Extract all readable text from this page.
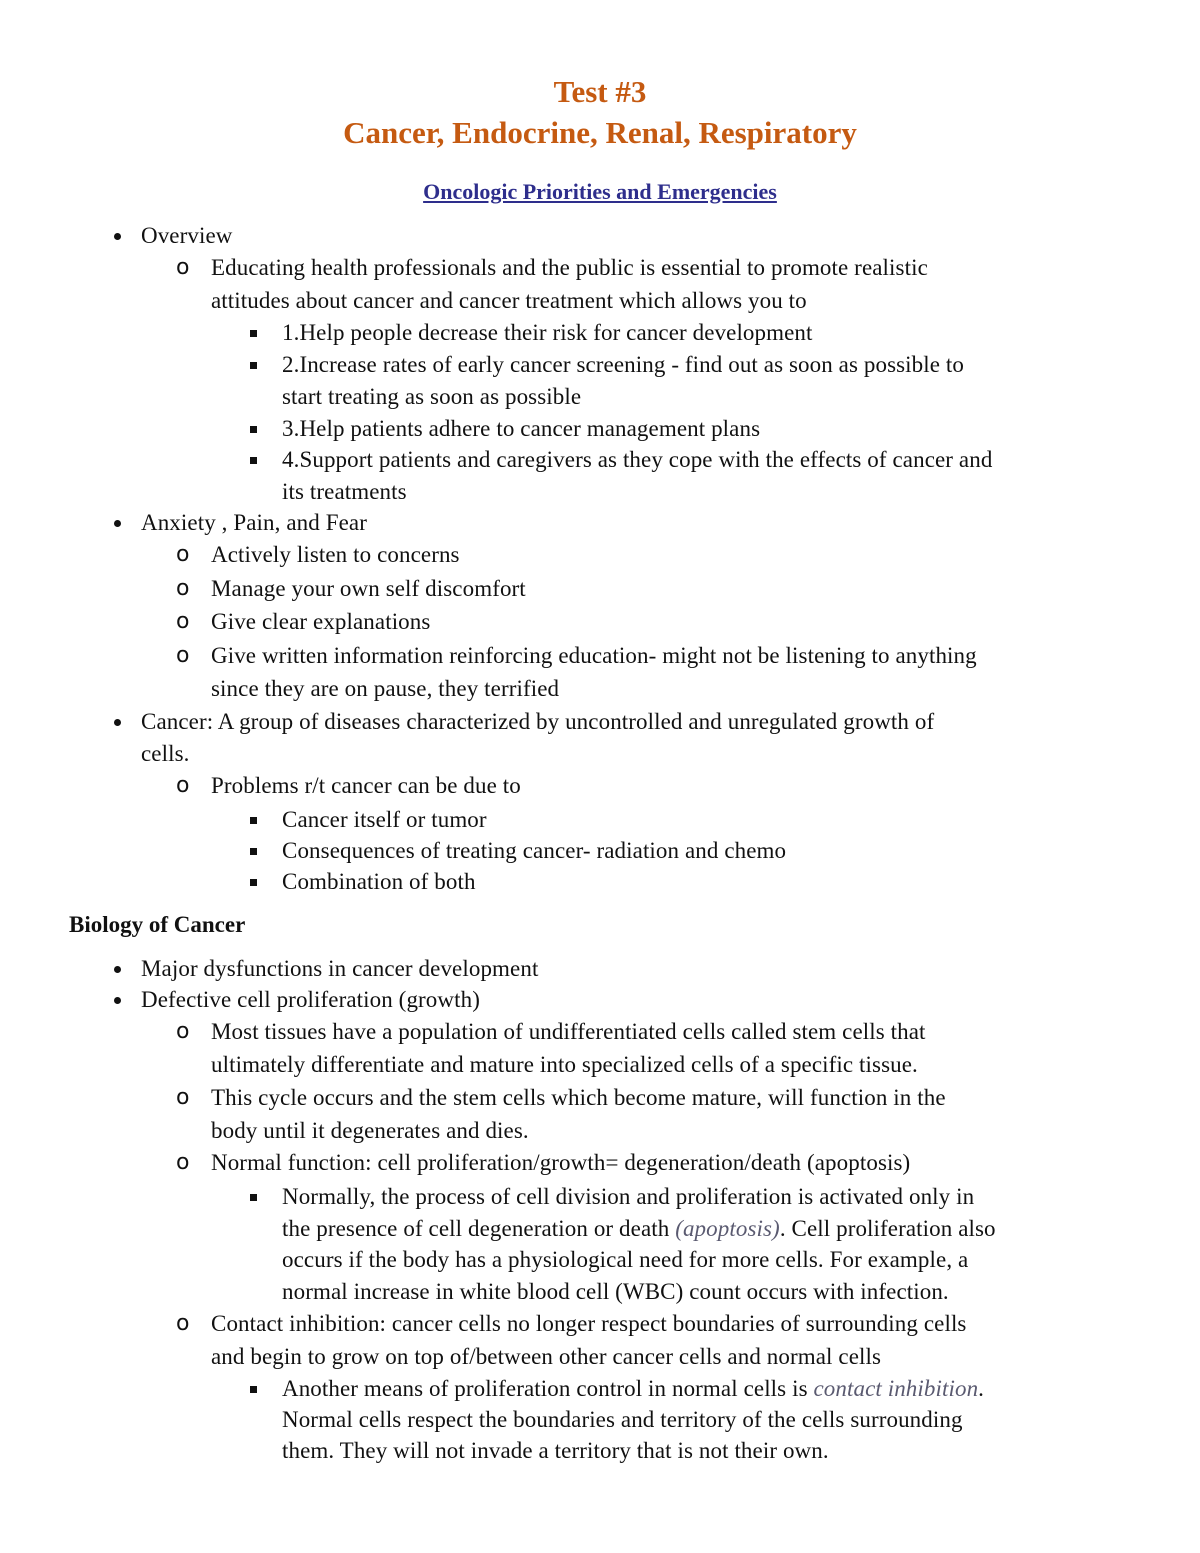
Test #3
Cancer, Endocrine, Renal, Respiratory
Oncologic Priorities and Emergencies
Overview
o Educating health professionals and the public is essential to promote realistic
attitudes about cancer and cancer treatment which allows you to
1.Help people decrease their risk for cancer development
2.Increase rates of early cancer screening - find out as soon as possible to
start treating as soon as possible
3.Help patients adhere to cancer management plans
4.Support patients and caregivers as they cope with the effects of cancer and
its treatments
Anxiety , Pain, and Fear
o Actively listen to concerns
o Manage your own self discomfort
o Give clear explanations
o Give written information reinforcing education- might not be listening to anything
since they are on pause, they terrified
Cancer: A group of diseases characterized by uncontrolled and unregulated growth of
cells.
o Problems r/t cancer can be due to
Cancer itself or tumor
Consequences of treating cancer- radiation and chemo
Combination of both
Biology of Cancer
Major dysfunctions in cancer development
Defective cell proliferation (growth)
o Most tissues have a population of undifferentiated cells called stem cells that
ultimately differentiate and mature into specialized cells of a specific tissue.
o This cycle occurs and the stem cells which become mature, will function in the
body until it degenerates and dies.
o Normal function: cell proliferation/growth= degeneration/death (apoptosis)
Normally, the process of cell division and proliferation is activated only in
the presence of cell degeneration or death (apoptosis). Cell proliferation also
occurs if the body has a physiological need for more cells. For example, a
normal increase in white blood cell (WBC) count occurs with infection.
o Contact inhibition: cancer cells no longer respect boundaries of surrounding cells
and begin to grow on top of/between other cancer cells and normal cells
Another means of proliferation control in normal cells is contact inhibition.
Normal cells respect the boundaries and territory of the cells surrounding
them. They will not invade a territory that is not their own.
